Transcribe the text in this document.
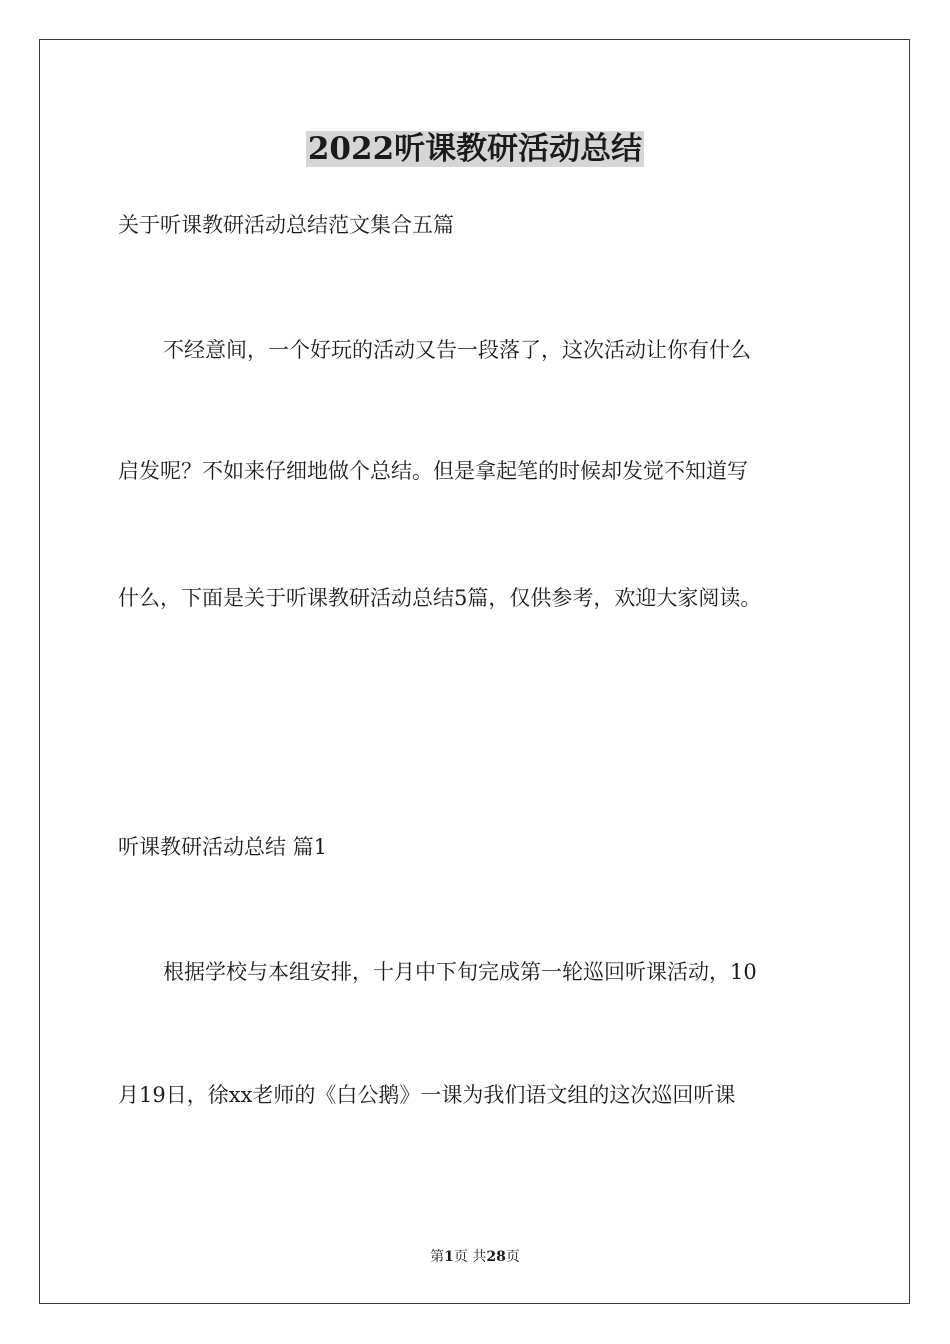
2022听课教研活动总结

关于听课教研活动总结范文集合五篇

不经意间，一个好玩的活动又告一段落了，这次活动让你有什么

启发呢？不如来仔细地做个总结。但是拿起笔的时候却发觉不知道写

什么，下面是关于听课教研活动总结5篇，仅供参考，欢迎大家阅读。

听课教研活动总结 篇1

根据学校与本组安排，十月中下旬完成第一轮巡回听课活动，10

月19日，徐xx老师的《白公鹅》一课为我们语文组的这次巡回听课

第1页 共28页
